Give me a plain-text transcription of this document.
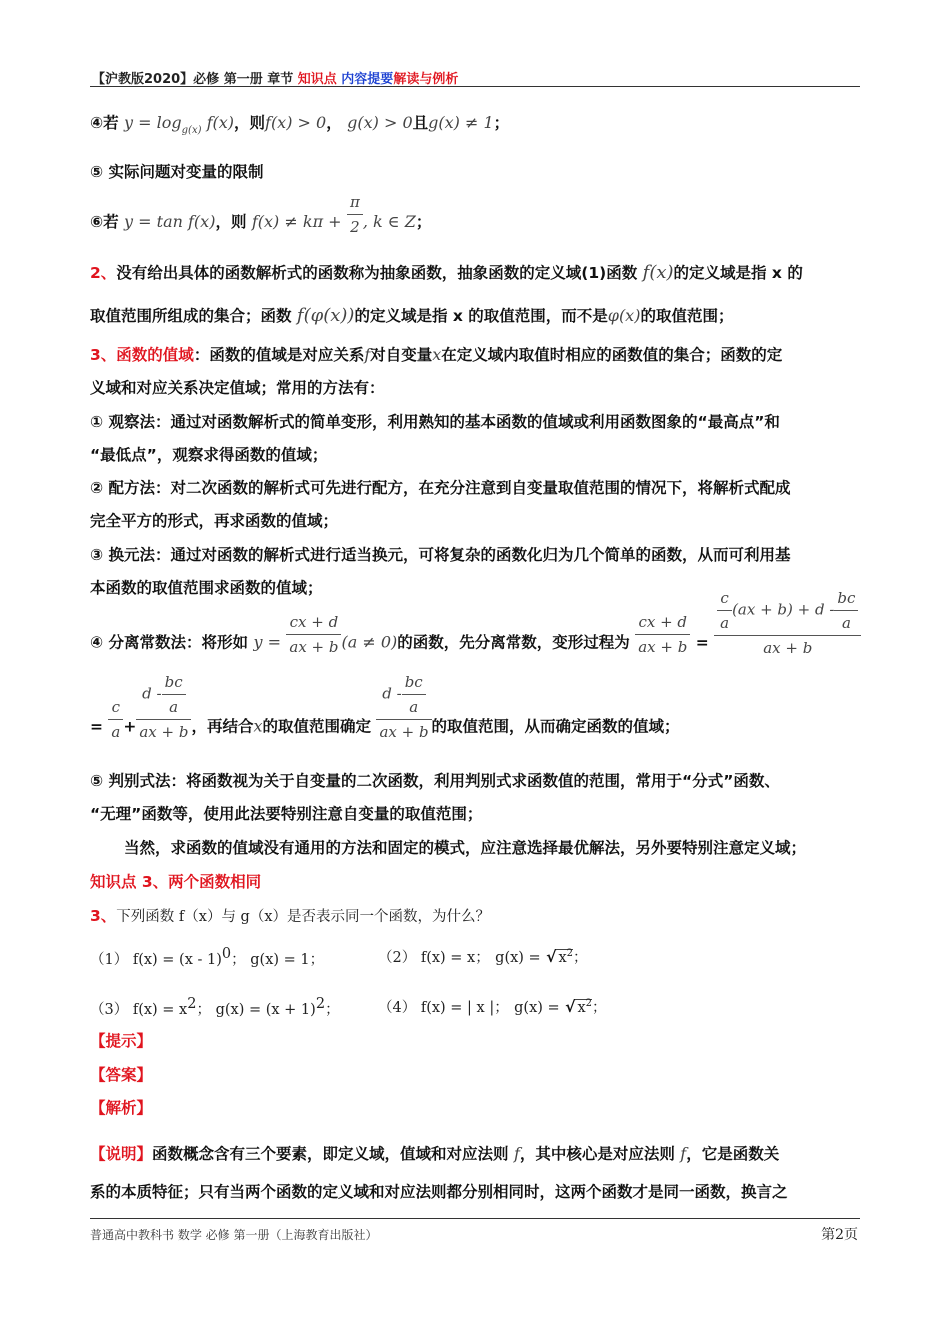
【沪教版2020】必修 第一册 章节 知识点 内容提要解读与例析
④若 $y = \log_{g(x)} f(x)$，则f(x) > 0， g(x) > 0且g(x) ≠ 1；
⑤ 实际问题对变量的限制
⑥若 y = tan f(x)，则 $f(x) \ne k\pi + \frac{\pi}{2}$ , k ∈ Z；
2、没有给出具体的函数解析式的函数称为抽象函数，抽象函数的定义域(1)函数 f(x)的定义域是指 x 的
取值范围所组成的集合；函数 f(φ(x))的定义域是指 x 的取值范围，而不是φ(x)的取值范围；
3、函数的值域：函数的值域是对应关系f对自变量x在定义域内取值时相应的函数值的集合；函数的定
义域和对应关系决定值域；常用的方法有：
① 观察法：通过对函数解析式的简单变形，利用熟知的基本函数的值域或利用函数图象的“最高点”和
“最低点”，观察求得函数的值域；
② 配方法：对二次函数的解析式可先进行配方，在充分注意到自变量取值范围的情况下，将解析式配成
完全平方的形式，再求函数的值域；
③ 换元法：通过对函数的解析式进行适当换元，可将复杂的函数化归为几个简单的函数，从而可利用基
本函数的取值范围求函数的值域；
④ 分离常数法：将形如 $y = \frac{cx + d}{ax + b} (a \ne 0)$的函数，先分离常数，变形过程为 $\frac{cx + d}{ax + b} = \frac{\frac{c}{a} (ax + b) + d - \frac{bc}{a}}{ax + b}$
= $\frac{c}{a} + \frac{d - \frac{bc}{a}}{ax + b}$ ，再结合x的取值范围确定 $\frac{d - \frac{bc}{a}}{ax + b}$ 的取值范围，从而确定函数的值域；
⑤ 判别式法：将函数视为关于自变量的二次函数，利用判别式求函数值的范围，常用于“分式”函数、
“无理”函数等，使用此法要特别注意自变量的取值范围；
当然，求函数的值域没有通用的方法和固定的模式，应注意选择最优解法，另外要特别注意定义域；
知识点 3、两个函数相同
3、下列函数 f（x）与 g（x）是否表示同一个函数，为什么？
（1） f(x) = (x - 1)$^0$； g(x) = 1；	（2） f(x) = x； g(x) = √ $x^2$；
（3） $f(x) = x^2$； $g(x) = (x + 1)^2$；	（4） f(x) = | x |； g(x) = √ $x^2$；
【提示】
【答案】
【解析】
【说明】函数概念含有三个要素，即定义域，值域和对应法则 f，其中核心是对应法则 f，它是函数关
系的本质特征；只有当两个函数的定义域和对应法则都分别相同时，这两个函数才是同一函数，换言之
普通高中教科书 数学 必修 第一册（上海教育出版社）	第2页
